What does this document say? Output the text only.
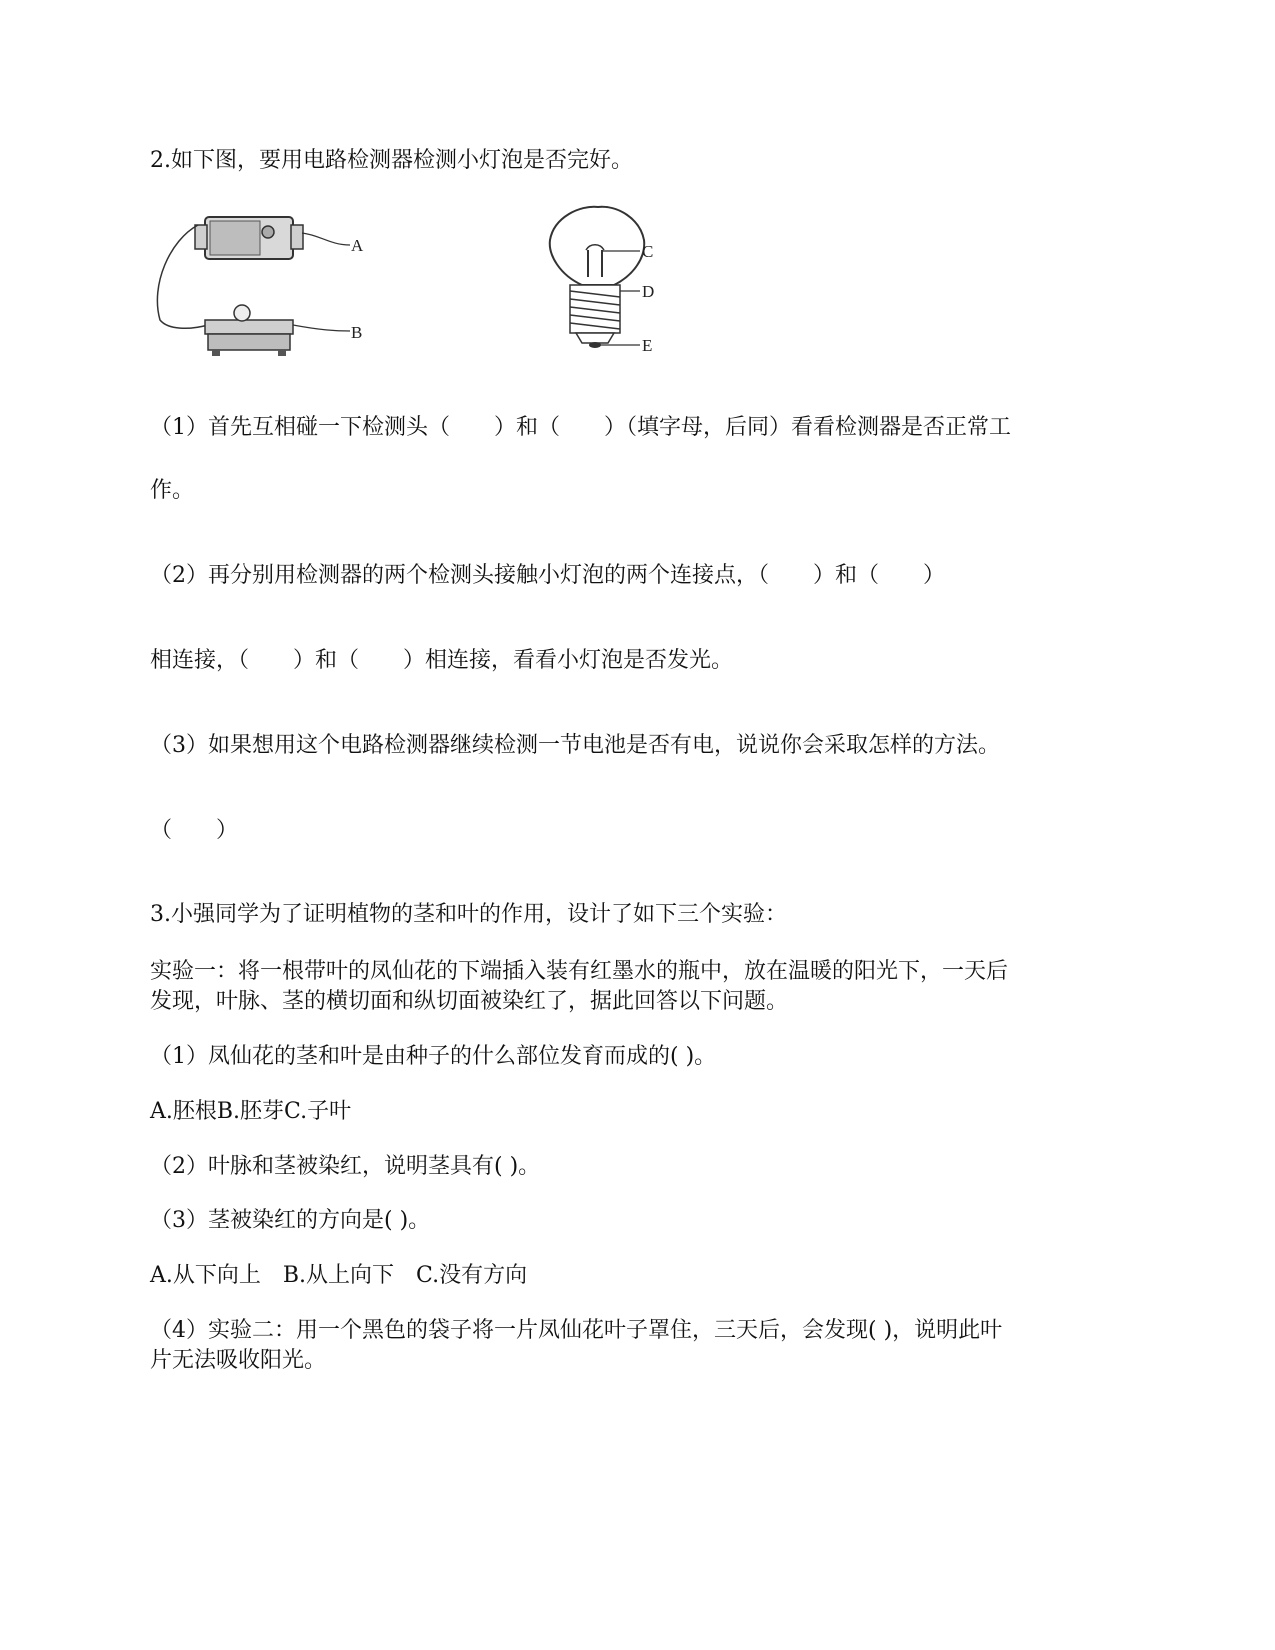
2.如下图，要用电路检测器检测小灯泡是否完好。
A
B
C
D
E
（1）首先互相碰一下检测头（　　）和（　　）（填字母，后同）看看检测器是否正常工
作。
（2）再分别用检测器的两个检测头接触小灯泡的两个连接点，（　　）和（　　）
相连接，（　　）和（　　）相连接，看看小灯泡是否发光。
（3）如果想用这个电路检测器继续检测一节电池是否有电，说说你会采取怎样的方法。
（　　）
3.小强同学为了证明植物的茎和叶的作用，设计了如下三个实验：
实验一：将一根带叶的凤仙花的下端插入装有红墨水的瓶中，放在温暖的阳光下，一天后
发现，叶脉、茎的横切面和纵切面被染红了，据此回答以下问题。
（1）凤仙花的茎和叶是由种子的什么部位发育而成的( )。
A.胚根B.胚芽C.子叶
（2）叶脉和茎被染红，说明茎具有( )。
（3）茎被染红的方向是( )。
A.从下向上　B.从上向下　C.没有方向
（4）实验二：用一个黑色的袋子将一片凤仙花叶子罩住，三天后，会发现( )，说明此叶
片无法吸收阳光。
